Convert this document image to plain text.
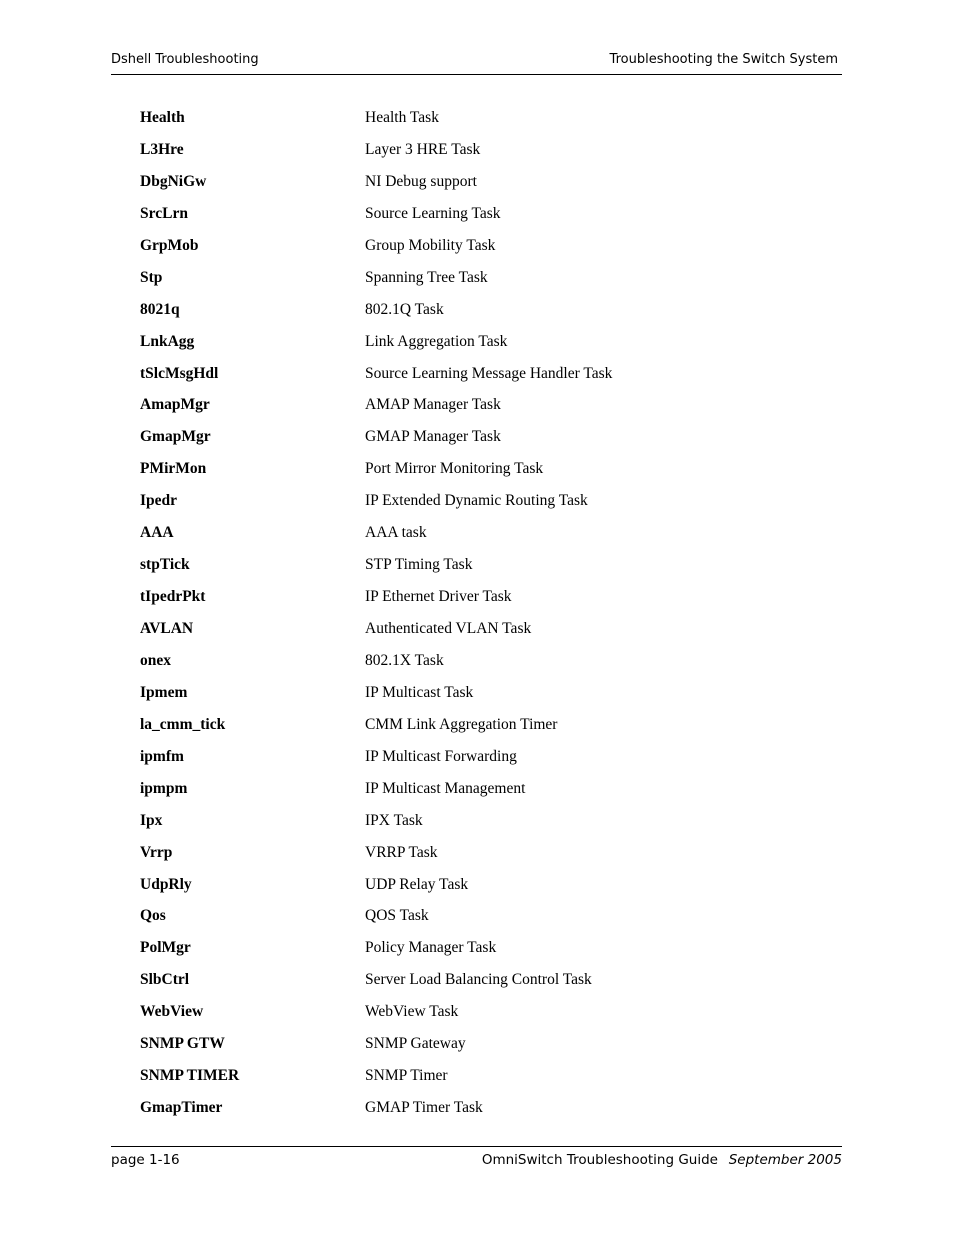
Dshell Troubleshooting	Troubleshooting the Switch System
Health	Health Task
L3Hre	Layer 3 HRE Task
DbgNiGw	NI Debug support
SrcLrn	Source Learning Task
GrpMob	Group Mobility Task
Stp	Spanning Tree Task
8021q	802.1Q Task
LnkAgg	Link Aggregation Task
tSlcMsgHdl	Source Learning Message Handler Task
AmapMgr	AMAP Manager Task
GmapMgr	GMAP Manager Task
PMirMon	Port Mirror Monitoring Task
Ipedr	IP Extended Dynamic Routing Task
AAA	AAA task
stpTick	STP Timing Task
tIpedrPkt	IP Ethernet Driver Task
AVLAN	Authenticated VLAN Task
onex	802.1X Task
Ipmem	IP Multicast Task
la_cmm_tick	CMM Link Aggregation Timer
ipmfm	IP Multicast Forwarding
ipmpm	IP Multicast Management
Ipx	IPX Task
Vrrp	VRRP Task
UdpRly	UDP Relay Task
Qos	QOS Task
PolMgr	Policy Manager Task
SlbCtrl	Server Load Balancing Control Task
WebView	WebView Task
SNMP GTW	SNMP Gateway
SNMP TIMER	SNMP Timer
GmapTimer	GMAP Timer Task
page 1-16	OmniSwitch Troubleshooting Guide September 2005
